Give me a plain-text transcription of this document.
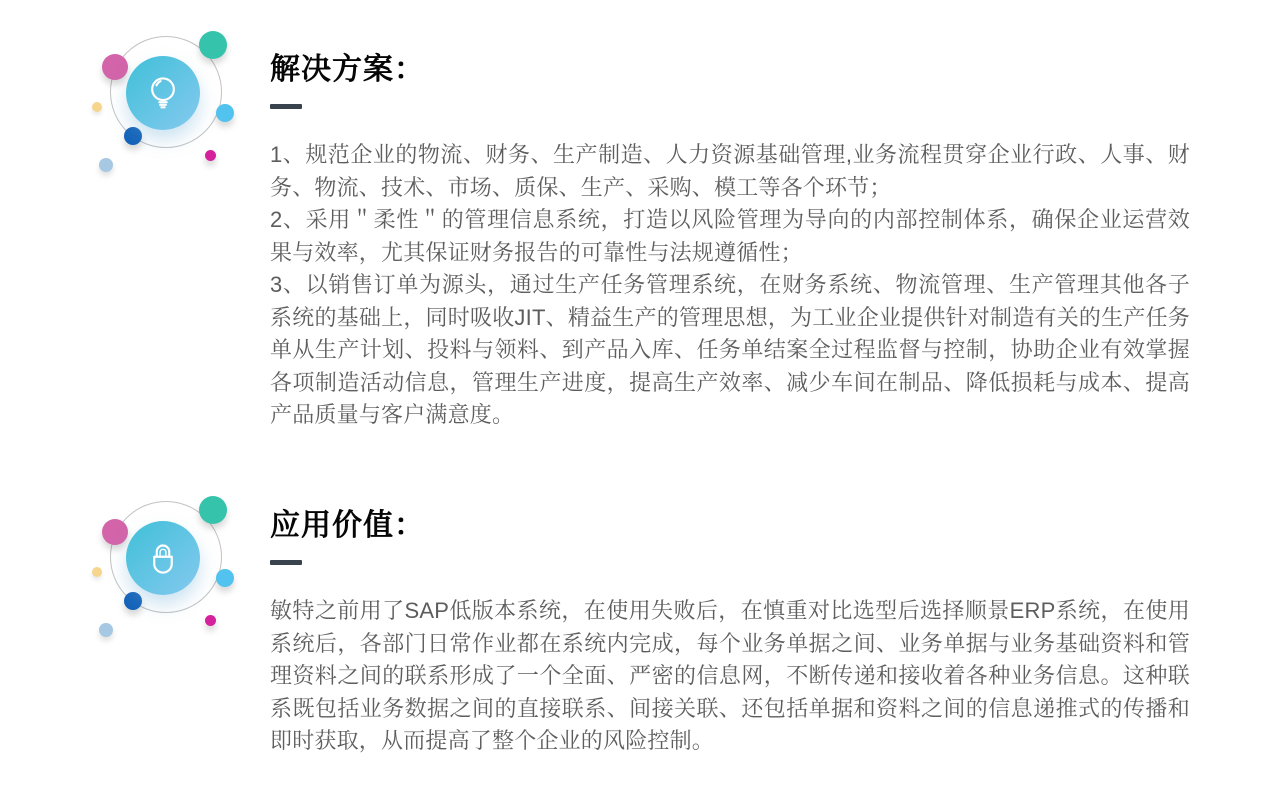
解决方案：

1、规范企业的物流、财务、生产制造、人力资源基础管理,业务流程贯穿企业行政、人事、财务、物流、技术、市场、质保、生产、采购、模工等各个环节；

2、采用＂柔性＂的管理信息系统，打造以风险管理为导向的内部控制体系，确保企业运营效果与效率，尤其保证财务报告的可靠性与法规遵循性；

3、以销售订单为源头，通过生产任务管理系统，在财务系统、物流管理、生产管理其他各子系统的基础上，同时吸收JIT、精益生产的管理思想，为工业企业提供针对制造有关的生产任务单从生产计划、投料与领料、到产品入库、任务单结案全过程监督与控制，协助企业有效掌握各项制造活动信息，管理生产进度，提高生产效率、减少车间在制品、降低损耗与成本、提高产品质量与客户满意度。

应用价值：

敏特之前用了SAP低版本系统，在使用失败后，在慎重对比选型后选择顺景ERP系统，在使用系统后，各部门日常作业都在系统内完成，每个业务单据之间、业务单据与业务基础资料和管理资料之间的联系形成了一个全面、严密的信息网，不断传递和接收着各种业务信息。这种联系既包括业务数据之间的直接联系、间接关联、还包括单据和资料之间的信息递推式的传播和即时获取，从而提高了整个企业的风险控制。
